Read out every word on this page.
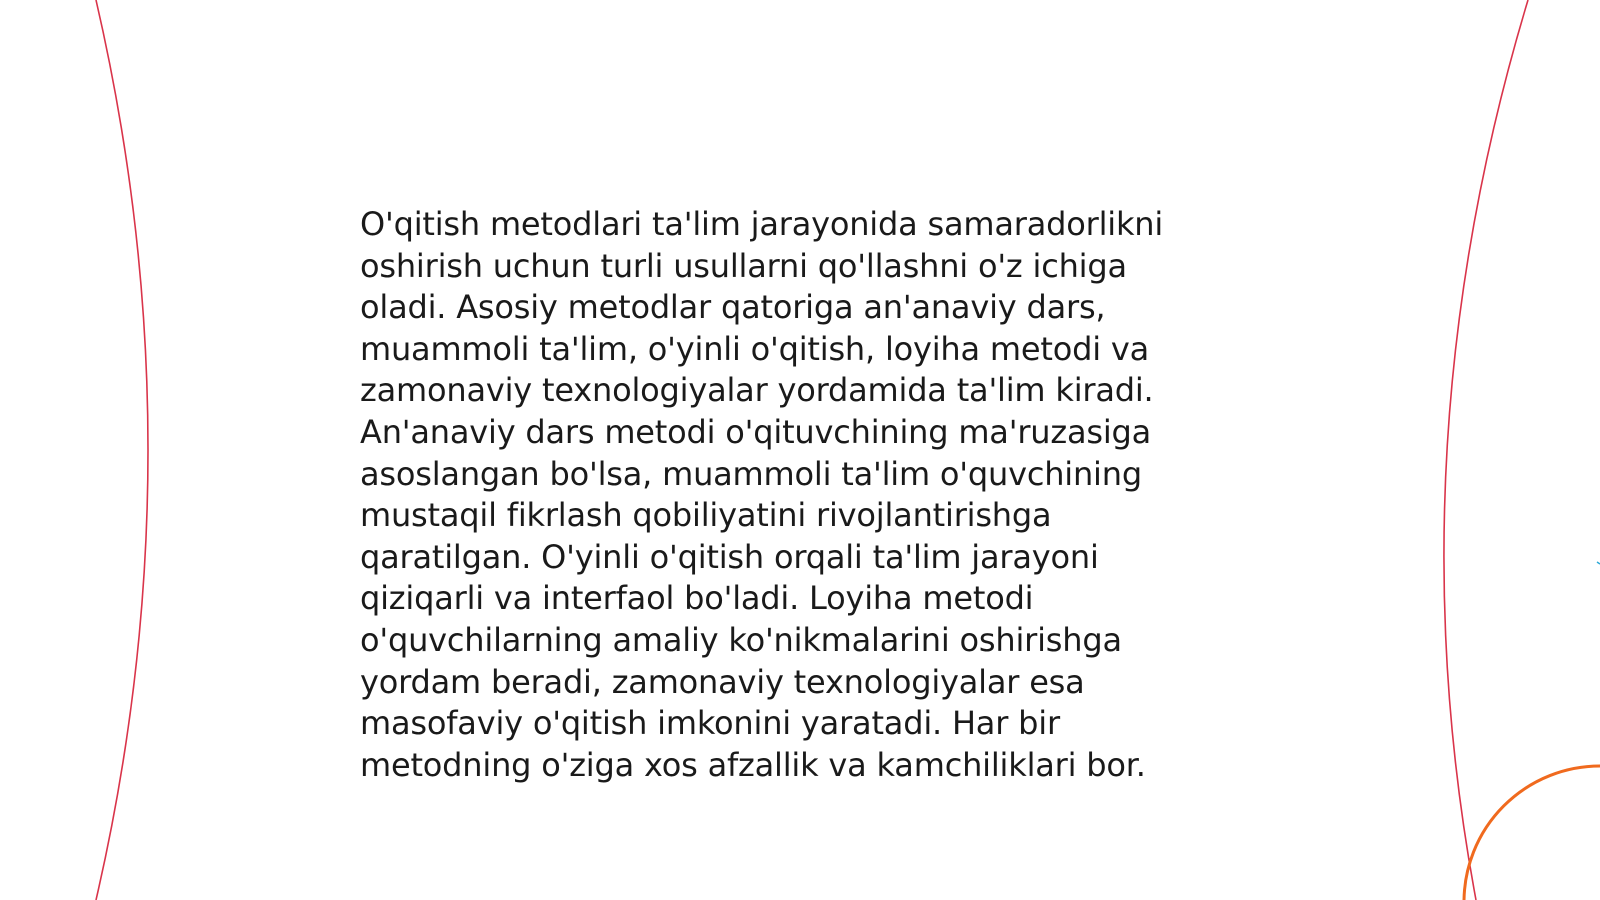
O'qitish metodlari ta'lim jarayonida samaradorlikni oshirish uchun turli usullarni qo'llashni o'z ichiga oladi. Asosiy metodlar qatoriga an'anaviy dars, muammoli ta'lim, o'yinli o'qitish, loyiha metodi va zamonaviy texnologiyalar yordamida ta'lim kiradi. An'anaviy dars metodi o'qituvchining ma'ruzasiga asoslangan bo'lsa, muammoli ta'lim o'quvchining mustaqil fikrlash qobiliyatini rivojlantirishga qaratilgan. O'yinli o'qitish orqali ta'lim jarayoni qiziqarli va interfaol bo'ladi. Loyiha metodi o'quvchilarning amaliy ko'nikmalarini oshirishga yordam beradi, zamonaviy texnologiyalar esa masofaviy o'qitish imkonini yaratadi. Har bir metodning o'ziga xos afzallik va kamchiliklari bor.
